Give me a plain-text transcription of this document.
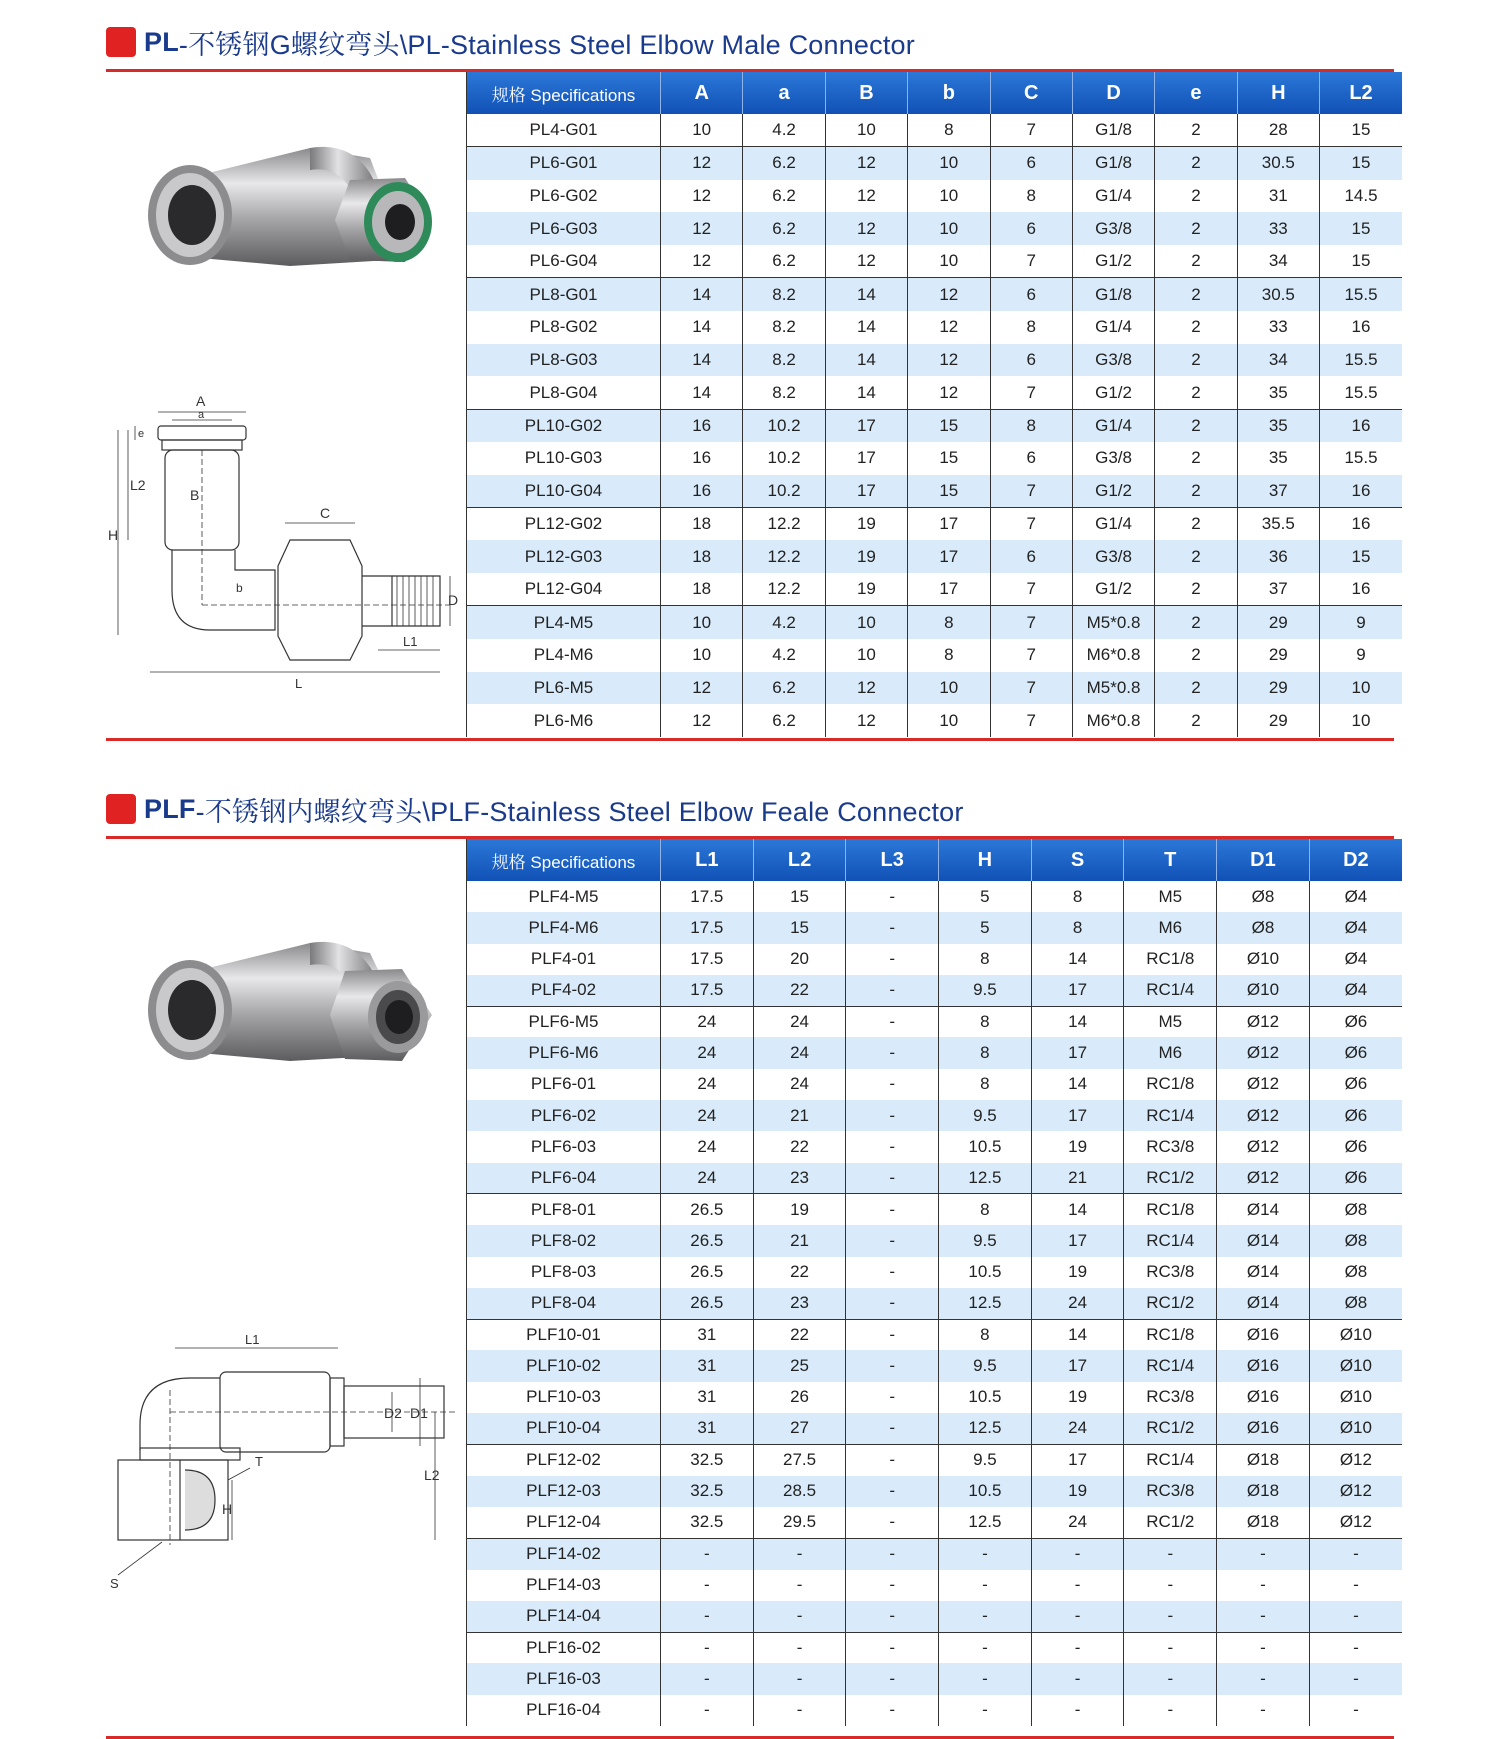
PL -不锈钢G螺纹弯头\PL-Stainless Steel Elbow Male Connector
A
a
e
L2
B
H
C
b
D
L1
L
规格 Specifications	A	a	B	b	C	D	e	H	L2
PL4-G01	10	4.2	10	8	7	G1/8	2	28	15
PL6-G01	12	6.2	12	10	6	G1/8	2	30.5	15
PL6-G02	12	6.2	12	10	8	G1/4	2	31	14.5
PL6-G03	12	6.2	12	10	6	G3/8	2	33	15
PL6-G04	12	6.2	12	10	7	G1/2	2	34	15
PL8-G01	14	8.2	14	12	6	G1/8	2	30.5	15.5
PL8-G02	14	8.2	14	12	8	G1/4	2	33	16
PL8-G03	14	8.2	14	12	6	G3/8	2	34	15.5
PL8-G04	14	8.2	14	12	7	G1/2	2	35	15.5
PL10-G02	16	10.2	17	15	8	G1/4	2	35	16
PL10-G03	16	10.2	17	15	6	G3/8	2	35	15.5
PL10-G04	16	10.2	17	15	7	G1/2	2	37	16
PL12-G02	18	12.2	19	17	7	G1/4	2	35.5	16
PL12-G03	18	12.2	19	17	6	G3/8	2	36	15
PL12-G04	18	12.2	19	17	7	G1/2	2	37	16
PL4-M5	10	4.2	10	8	7	M5*0.8	2	29	9
PL4-M6	10	4.2	10	8	7	M6*0.8	2	29	9
PL6-M5	12	6.2	12	10	7	M5*0.8	2	29	10
PL6-M6	12	6.2	12	10	7	M6*0.8	2	29	10
PLF -不锈钢内螺纹弯头\PLF-Stainless Steel Elbow Feale Connector
L1
D2 D1
T
L2
H
S
规格 Specifications	L1	L2	L3	H	S	T	D1	D2
PLF4-M5	17.5	15	-	5	8	M5	Ø8	Ø4
PLF4-M6	17.5	15	-	5	8	M6	Ø8	Ø4
PLF4-01	17.5	20	-	8	14	RC1/8	Ø10	Ø4
PLF4-02	17.5	22	-	9.5	17	RC1/4	Ø10	Ø4
PLF6-M5	24	24	-	8	14	M5	Ø12	Ø6
PLF6-M6	24	24	-	8	17	M6	Ø12	Ø6
PLF6-01	24	24	-	8	14	RC1/8	Ø12	Ø6
PLF6-02	24	21	-	9.5	17	RC1/4	Ø12	Ø6
PLF6-03	24	22	-	10.5	19	RC3/8	Ø12	Ø6
PLF6-04	24	23	-	12.5	21	RC1/2	Ø12	Ø6
PLF8-01	26.5	19	-	8	14	RC1/8	Ø14	Ø8
PLF8-02	26.5	21	-	9.5	17	RC1/4	Ø14	Ø8
PLF8-03	26.5	22	-	10.5	19	RC3/8	Ø14	Ø8
PLF8-04	26.5	23	-	12.5	24	RC1/2	Ø14	Ø8
PLF10-01	31	22	-	8	14	RC1/8	Ø16	Ø10
PLF10-02	31	25	-	9.5	17	RC1/4	Ø16	Ø10
PLF10-03	31	26	-	10.5	19	RC3/8	Ø16	Ø10
PLF10-04	31	27	-	12.5	24	RC1/2	Ø16	Ø10
PLF12-02	32.5	27.5	-	9.5	17	RC1/4	Ø18	Ø12
PLF12-03	32.5	28.5	-	10.5	19	RC3/8	Ø18	Ø12
PLF12-04	32.5	29.5	-	12.5	24	RC1/2	Ø18	Ø12
PLF14-02	-	-	-	-	-	-	-	-
PLF14-03	-	-	-	-	-	-	-	-
PLF14-04	-	-	-	-	-	-	-	-
PLF16-02	-	-	-	-	-	-	-	-
PLF16-03	-	-	-	-	-	-	-	-
PLF16-04	-	-	-	-	-	-	-	-
